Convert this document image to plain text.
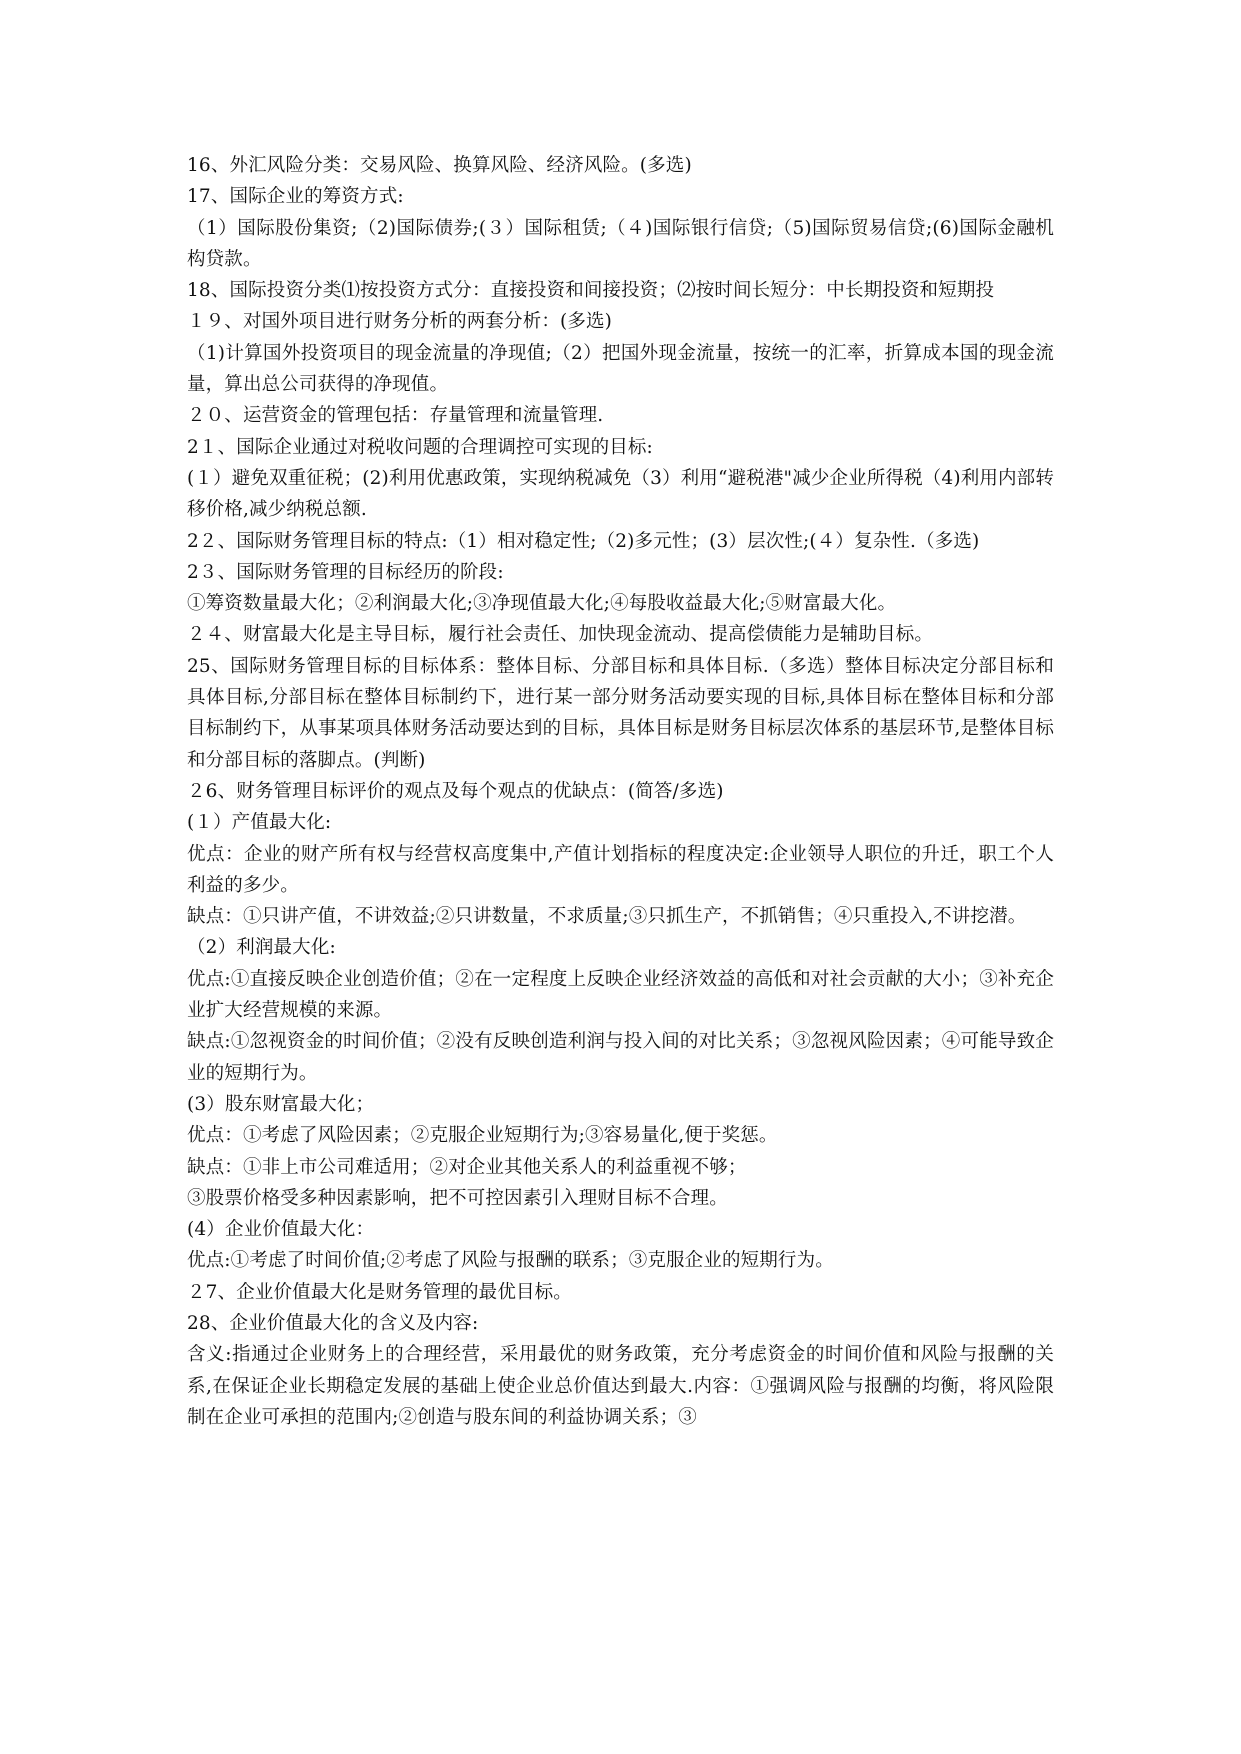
16、外汇风险分类：交易风险、换算风险、经济风险。(多选)

17、国际企业的筹资方式:

（1）国际股份集资;（2)国际债券;(３）国际租赁;（４)国际银行信贷;（5)国际贸易信贷;(6)国际金融机构贷款。

18、国际投资分类⑴按投资方式分：直接投资和间接投资；⑵按时间长短分：中长期投资和短期投

１９、对国外项目进行财务分析的两套分析：(多选)

（1)计算国外投资项目的现金流量的净现值;（2）把国外现金流量，按统一的汇率，折算成本国的现金流量，算出总公司获得的净现值。

２０、运营资金的管理包括：存量管理和流量管理.

2１、国际企业通过对税收问题的合理调控可实现的目标:

(１）避免双重征税；(2)利用优惠政策，实现纳税减免（3）利用“避税港"减少企业所得税（4)利用内部转移价格,减少纳税总额.

2２、国际财务管理目标的特点:（1）相对稳定性;（2)多元性；(3）层次性;(４）复杂性.（多选)

2３、国际财务管理的目标经历的阶段:

①筹资数量最大化；②利润最大化;③净现值最大化;④每股收益最大化;⑤财富最大化。

２４、财富最大化是主导目标，履行社会责任、加快现金流动、提高偿债能力是辅助目标。

25、国际财务管理目标的目标体系：整体目标、分部目标和具体目标.（多选）整体目标决定分部目标和具体目标,分部目标在整体目标制约下，进行某一部分财务活动要实现的目标,具体目标在整体目标和分部目标制约下，从事某项具体财务活动要达到的目标，具体目标是财务目标层次体系的基层环节,是整体目标和分部目标的落脚点。(判断)

２6、财务管理目标评价的观点及每个观点的优缺点：(简答/多选)

(１）产值最大化:

优点：企业的财产所有权与经营权高度集中,产值计划指标的程度决定:企业领导人职位的升迁，职工个人利益的多少。

缺点：①只讲产值，不讲效益;②只讲数量，不求质量;③只抓生产，不抓销售；④只重投入,不讲挖潜。

（2）利润最大化:

优点:①直接反映企业创造价值；②在一定程度上反映企业经济效益的高低和对社会贡献的大小；③补充企业扩大经营规模的来源。

缺点:①忽视资金的时间价值；②没有反映创造利润与投入间的对比关系；③忽视风险因素；④可能导致企业的短期行为。

(3）股东财富最大化；

优点：①考虑了风险因素；②克服企业短期行为;③容易量化,便于奖惩。

缺点：①非上市公司难适用；②对企业其他关系人的利益重视不够；

③股票价格受多种因素影响，把不可控因素引入理财目标不合理。

(4）企业价值最大化：

优点:①考虑了时间价值;②考虑了风险与报酬的联系；③克服企业的短期行为。

２7、企业价值最大化是财务管理的最优目标。

28、企业价值最大化的含义及内容:

含义:指通过企业财务上的合理经营，采用最优的财务政策，充分考虑资金的时间价值和风险与报酬的关系,在保证企业长期稳定发展的基础上使企业总价值达到最大.内容：①强调风险与报酬的均衡，将风险限制在企业可承担的范围内;②创造与股东间的利益协调关系；③
